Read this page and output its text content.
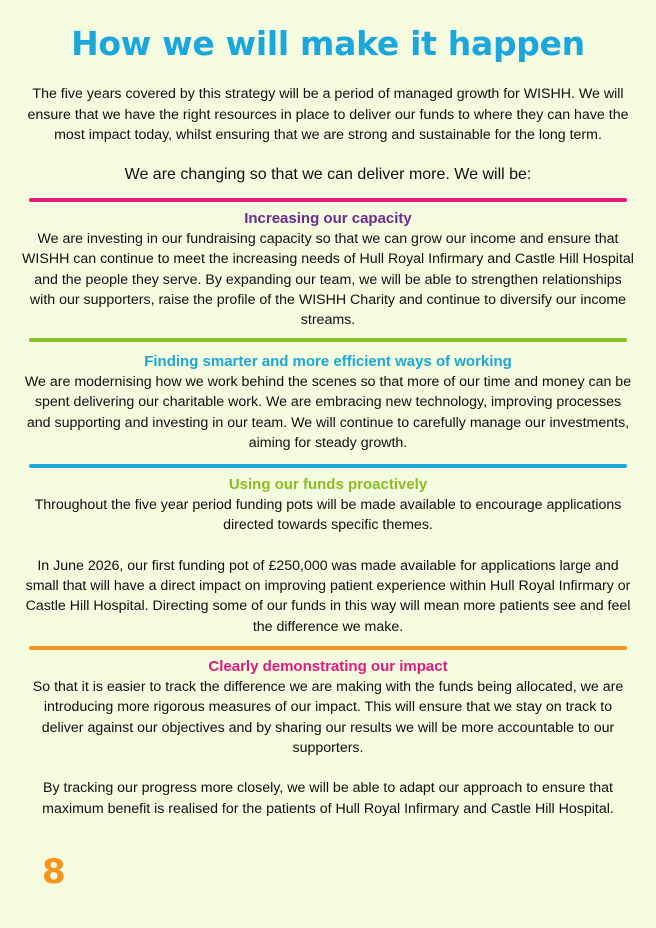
How we will make it happen

The five years covered by this strategy will be a period of managed growth for WISHH. We will ensure that we have the right resources in place to deliver our funds to where they can have the most impact today, whilst ensuring that we are strong and sustainable for the long term.

We are changing so that we can deliver more. We will be:

Increasing our capacity

We are investing in our fundraising capacity so that we can grow our income and ensure that WISHH can continue to meet the increasing needs of Hull Royal Infirmary and Castle Hill Hospital and the people they serve. By expanding our team, we will be able to strengthen relationships with our supporters, raise the profile of the WISHH Charity and continue to diversify our income streams.

Finding smarter and more efficient ways of working

We are modernising how we work behind the scenes so that more of our time and money can be spent delivering our charitable work. We are embracing new technology, improving processes and supporting and investing in our team. We will continue to carefully manage our investments, aiming for steady growth.

Using our funds proactively

Throughout the five year period funding pots will be made available to encourage applications directed towards specific themes.

In June 2026, our first funding pot of £250,000 was made available for applications large and small that will have a direct impact on improving patient experience within Hull Royal Infirmary or Castle Hill Hospital. Directing some of our funds in this way will mean more patients see and feel the difference we make.

Clearly demonstrating our impact

So that it is easier to track the difference we are making with the funds being allocated, we are introducing more rigorous measures of our impact. This will ensure that we stay on track to deliver against our objectives and by sharing our results we will be more accountable to our supporters.

By tracking our progress more closely, we will be able to adapt our approach to ensure that maximum benefit is realised for the patients of Hull Royal Infirmary and Castle Hill Hospital.

8
